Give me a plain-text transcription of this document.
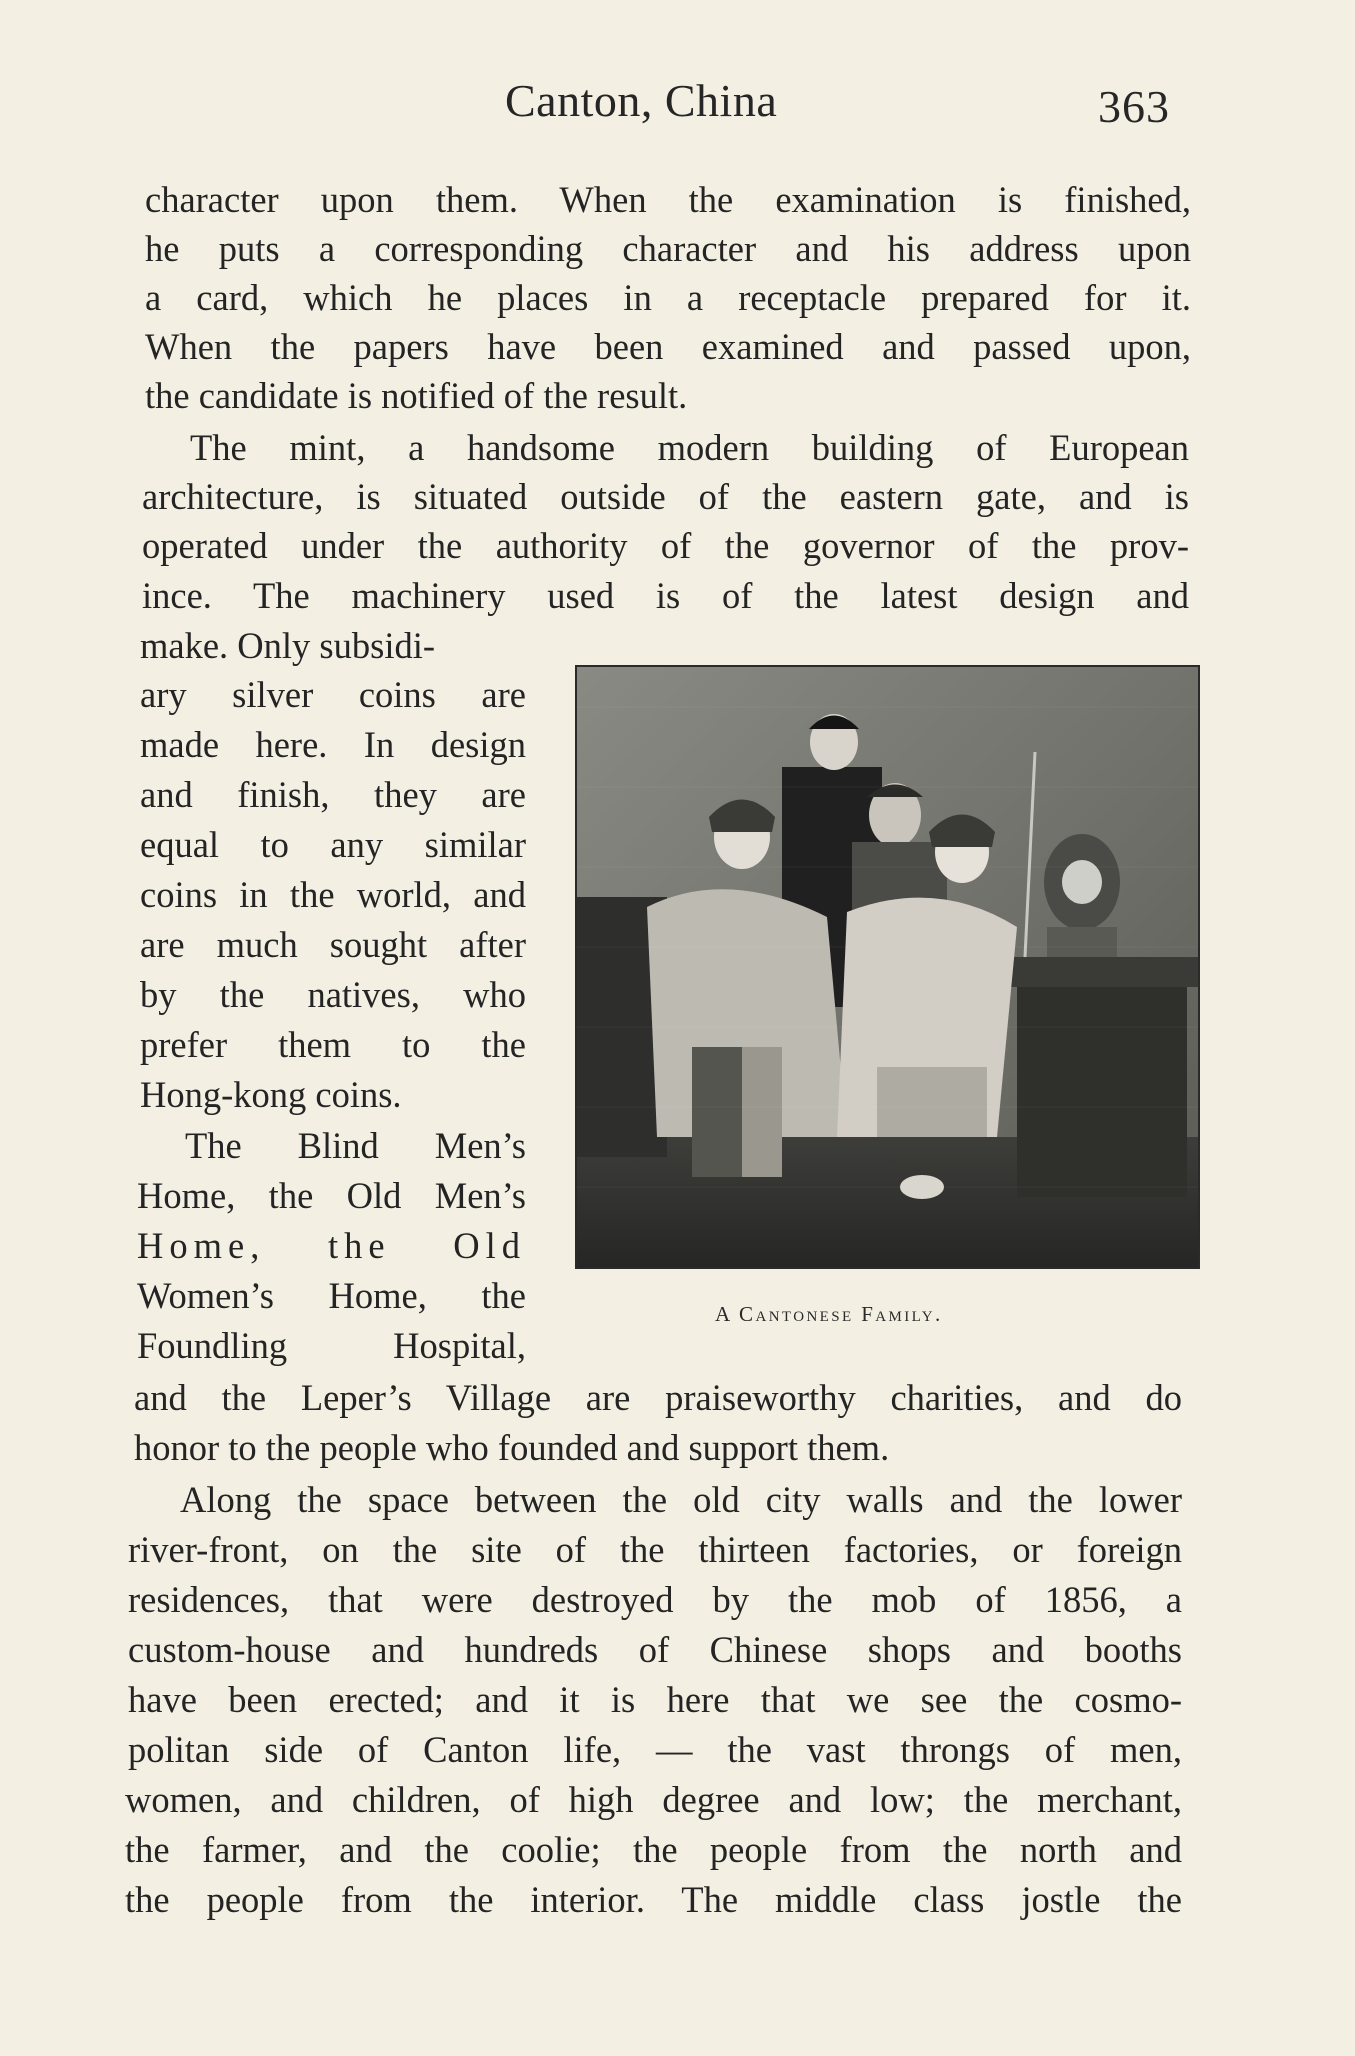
Canton, China	363
character upon them. When the examination is finished,
he puts a corresponding character and his address upon
a card, which he places in a receptacle prepared for it.
When the papers have been examined and passed upon,
the candidate is notified of the result.
The mint, a handsome modern building of European
architecture, is situated outside of the eastern gate, and is
operated under the authority of the governor of the prov-
ince. The machinery used is of the latest design and
make. Only subsidi-
ary silver coins are
made here. In design
and finish, they are
equal to any similar
coins in the world, and
are much sought after
by the natives, who
prefer them to the
Hong-kong coins.
The Blind Men’s
Home, the Old Men’s
Home, the Old
Women’s Home, the
Foundling Hospital,
and the Leper’s Village are praiseworthy charities, and do
honor to the people who founded and support them.
Along the space between the old city walls and the lower
river-front, on the site of the thirteen factories, or foreign
residences, that were destroyed by the mob of 1856, a
custom-house and hundreds of Chinese shops and booths
have been erected; and it is here that we see the cosmo-
politan side of Canton life, — the vast throngs of men,
women, and children, of high degree and low; the merchant,
the farmer, and the coolie; the people from the north and
the people from the interior. The middle class jostle the
A Cantonese Family.
